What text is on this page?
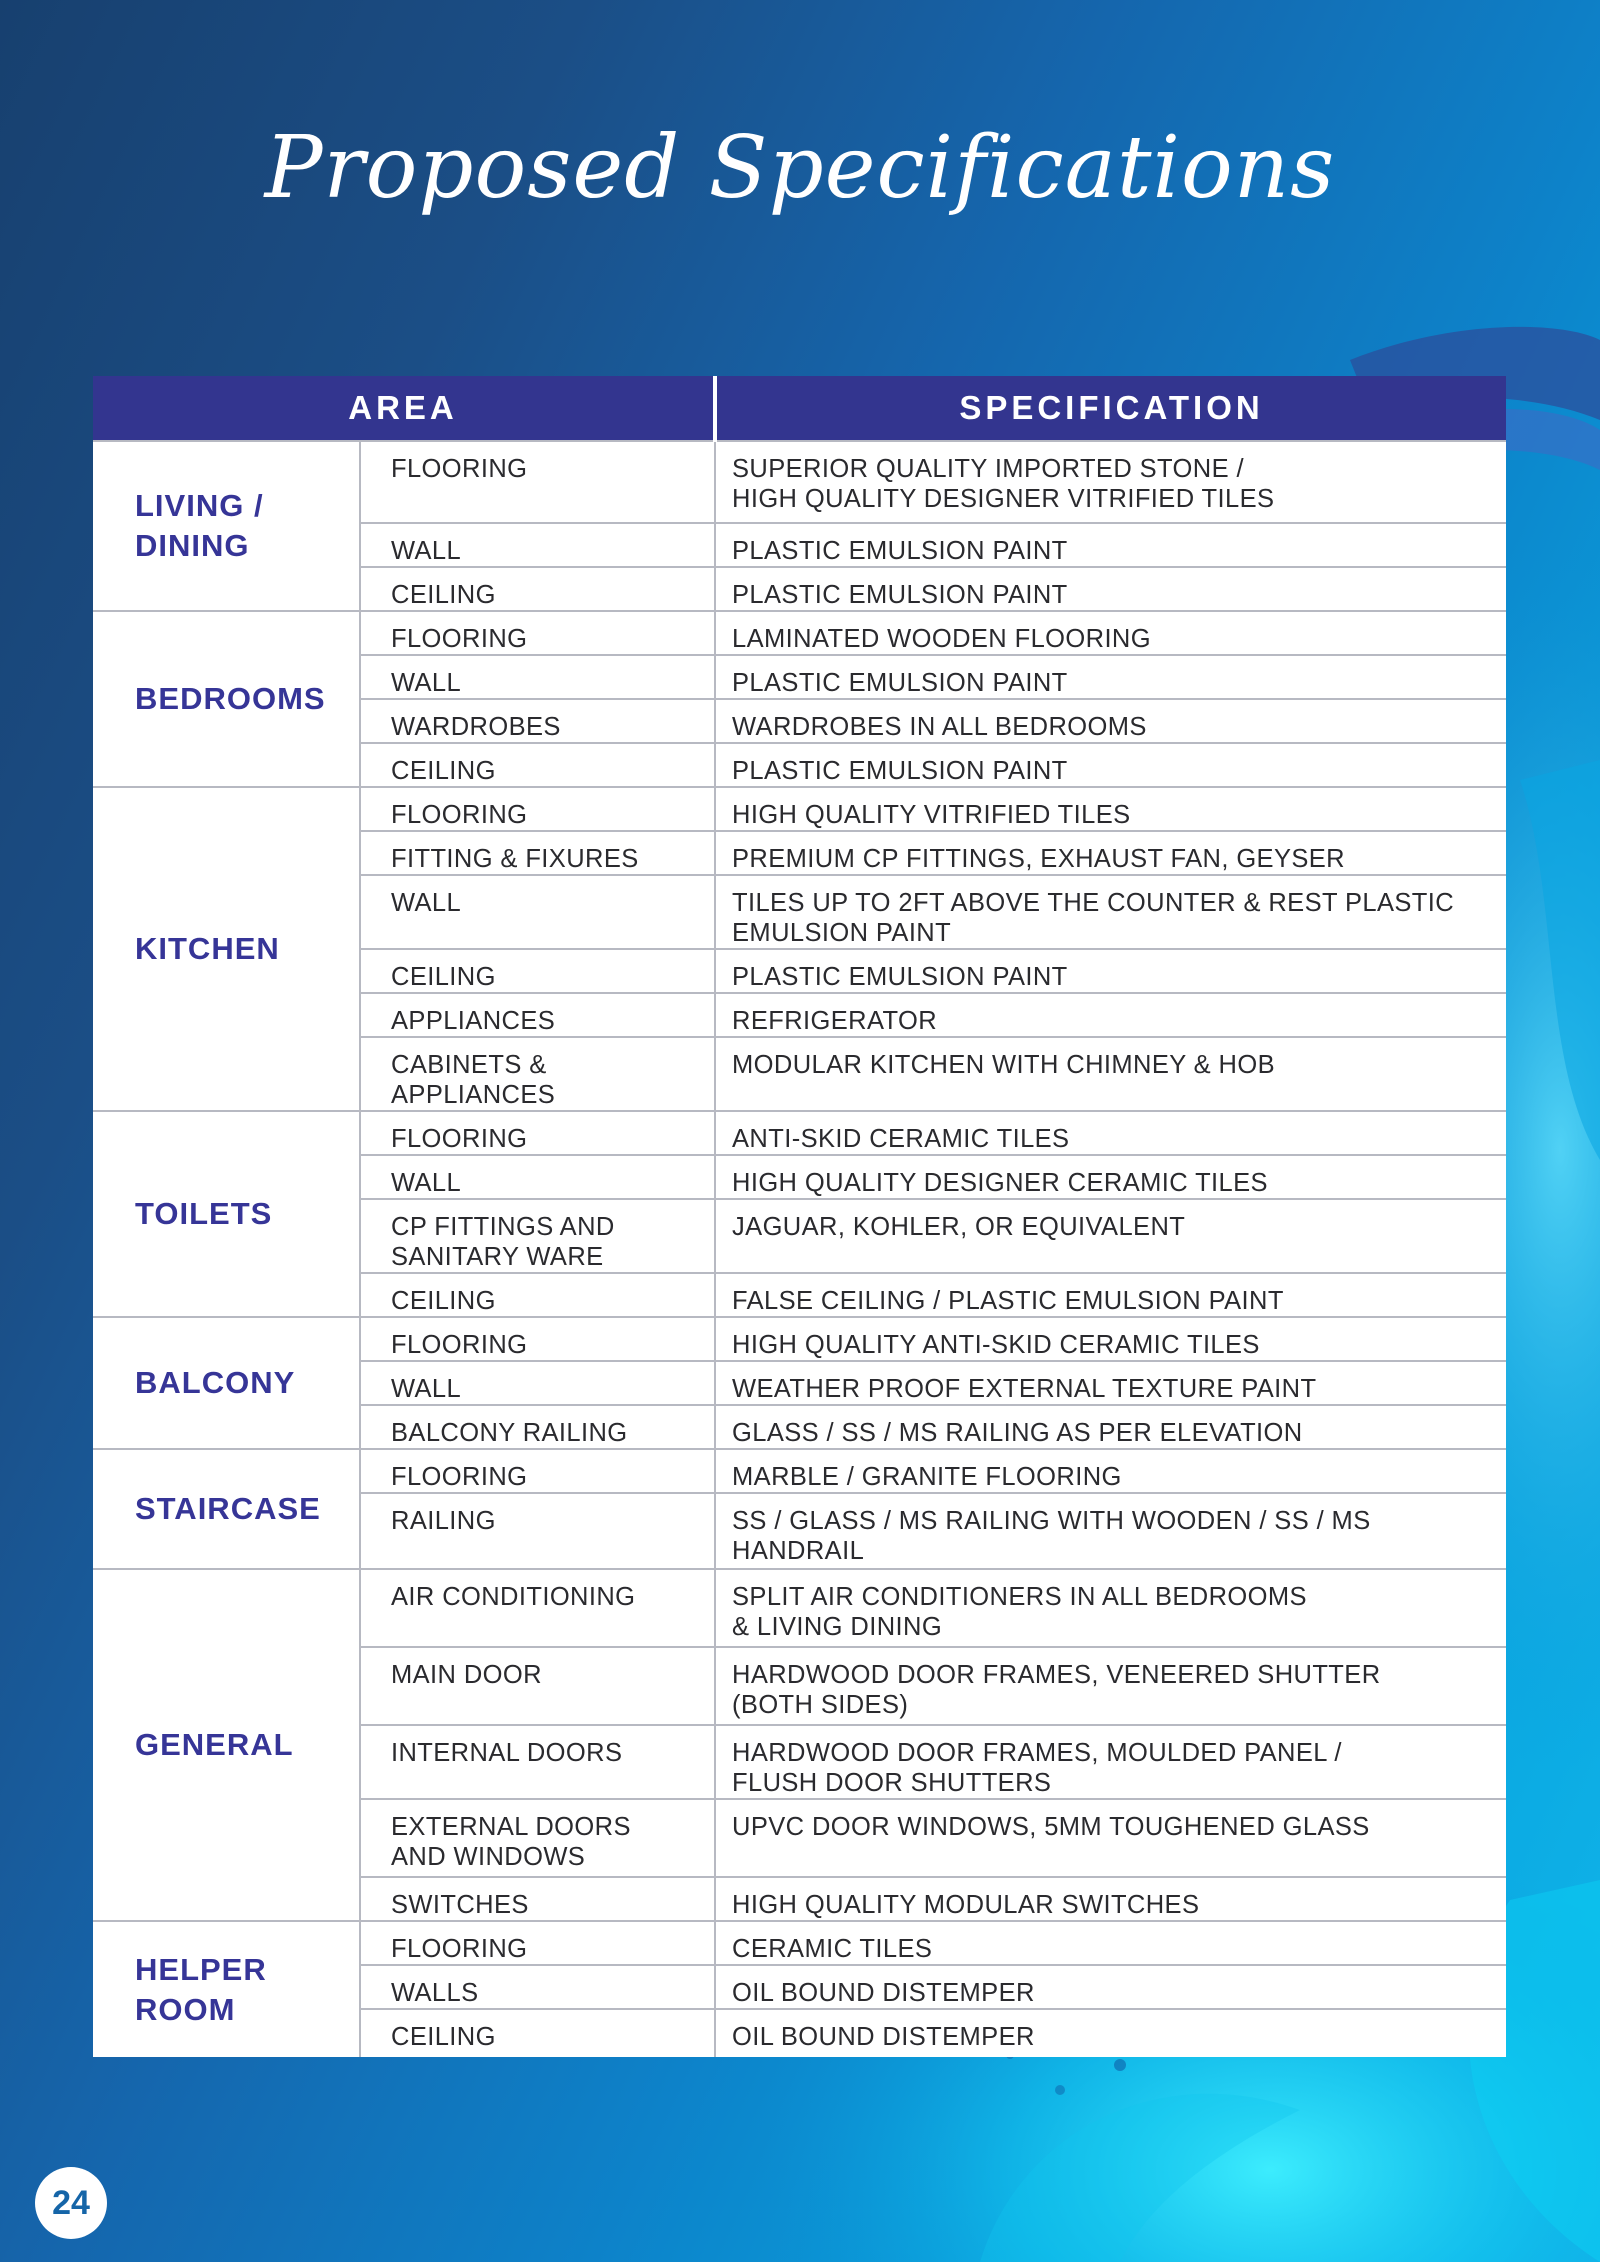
Proposed Specifications
AREA		SPECIFICATION
LIVING /
DINING	FLOORING	SUPERIOR QUALITY IMPORTED STONE /
HIGH QUALITY DESIGNER VITRIFIED TILES
	WALL	PLASTIC EMULSION PAINT
	CEILING	PLASTIC EMULSION PAINT
BEDROOMS	FLOORING	LAMINATED WOODEN FLOORING
	WALL	PLASTIC EMULSION PAINT
	WARDROBES	WARDROBES IN ALL BEDROOMS
	CEILING	PLASTIC EMULSION PAINT
KITCHEN	FLOORING	HIGH QUALITY VITRIFIED TILES
	FITTING & FIXURES	PREMIUM CP FITTINGS, EXHAUST FAN, GEYSER
	WALL	TILES UP TO 2FT ABOVE THE COUNTER & REST PLASTIC
EMULSION PAINT
	CEILING	PLASTIC EMULSION PAINT
	APPLIANCES	REFRIGERATOR
	CABINETS & APPLIANCES	MODULAR KITCHEN WITH CHIMNEY & HOB
TOILETS	FLOORING	ANTI-SKID CERAMIC TILES
	WALL	HIGH QUALITY DESIGNER CERAMIC TILES
	CP FITTINGS AND
SANITARY WARE	JAGUAR, KOHLER, OR EQUIVALENT
	CEILING	FALSE CEILING / PLASTIC EMULSION PAINT
BALCONY	FLOORING	HIGH QUALITY ANTI-SKID CERAMIC TILES
	WALL	WEATHER PROOF EXTERNAL TEXTURE PAINT
	BALCONY RAILING	GLASS / SS / MS RAILING AS PER ELEVATION
STAIRCASE	FLOORING	MARBLE / GRANITE FLOORING
	RAILING	SS / GLASS / MS RAILING WITH WOODEN / SS / MS
HANDRAIL
GENERAL	AIR CONDITIONING	SPLIT AIR CONDITIONERS IN ALL BEDROOMS
& LIVING DINING
	MAIN DOOR	HARDWOOD DOOR FRAMES, VENEERED SHUTTER
(BOTH SIDES)
	INTERNAL DOORS	HARDWOOD DOOR FRAMES, MOULDED PANEL /
FLUSH DOOR SHUTTERS
	EXTERNAL DOORS
AND WINDOWS	UPVC DOOR WINDOWS, 5MM TOUGHENED GLASS
	SWITCHES	HIGH QUALITY MODULAR SWITCHES
HELPER
ROOM	FLOORING	CERAMIC TILES
	WALLS	OIL BOUND DISTEMPER
	CEILING	OIL BOUND DISTEMPER
24
